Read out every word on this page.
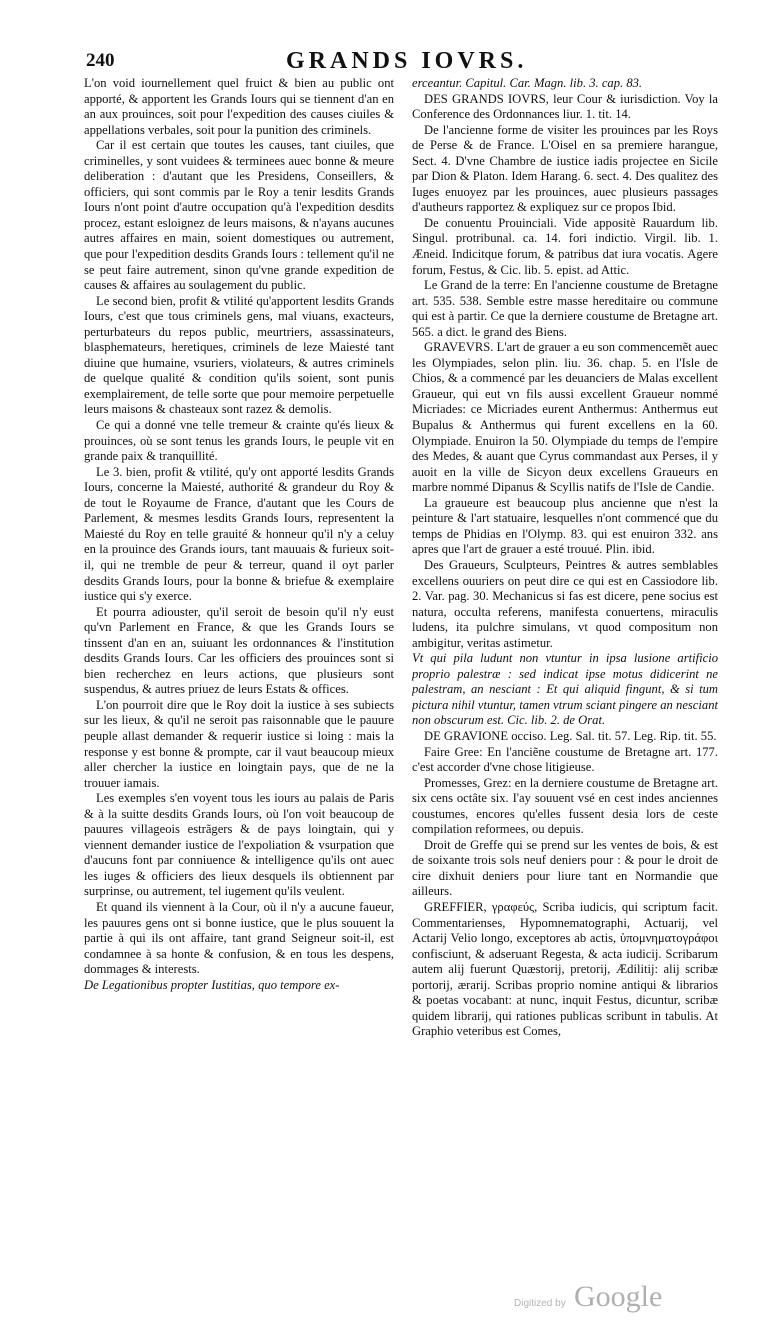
240	GRANDS IOVRS.

L'on void iournellement quel fruict & bien au public ont apporté, & apportent les Grands Iours qui se tiennent d'an en an aux prouinces, soit pour l'expedition des causes ciuiles & appellations verbales, soit pour la punition des criminels.

Car il est certain que toutes les causes, tant ciuiles, que criminelles, y sont vuidees & terminees auec bonne & meure deliberation : d'autant que les Presidens, Conseillers, & officiers, qui sont commis par le Roy a tenir lesdits Grands Iours n'ont point d'autre occupation qu'à l'expedition desdits procez, estant esloignez de leurs maisons, & n'ayans aucunes autres affaires en main, soient domestiques ou autrement, que pour l'expedition desdits Grands Iours : tellement qu'il ne se peut faire autrement, sinon qu'vne grande expedition de causes & affaires au soulagement du public.

Le second bien, profit & vtilité qu'apportent lesdits Grands Iours, c'est que tous criminels gens, mal viuans, exacteurs, perturbateurs du repos public, meurtriers, assassinateurs, blasphemateurs, heretiques, criminels de leze Maiesté tant diuine que humaine, vsuriers, violateurs, & autres criminels de quelque qualité & condition qu'ils soient, sont punis exemplairement, de telle sorte que pour memoire perpetuelle leurs maisons & chasteaux sont razez & demolis.

Ce qui a donné vne telle tremeur & crainte qu'és lieux & prouinces, où se sont tenus les grands Iours, le peuple vit en grande paix & tranquillité.

Le 3. bien, profit & vtilité, qu'y ont apporté lesdits Grands Iours, concerne la Maiesté, authorité & grandeur du Roy & de tout le Royaume de France, d'autant que les Cours de Parlement, & mesmes lesdits Grands Iours, representent la Maiesté du Roy en telle grauité & honneur qu'il n'y a celuy en la prouince des Grands iours, tant mauuais & furieux soit-il, qui ne tremble de peur & terreur, quand il oyt parler desdits Grands Iours, pour la bonne & briefue & exemplaire iustice qui s'y exerce.

Et pourra adiouster, qu'il seroit de besoin qu'il n'y eust qu'vn Parlement en France, & que les Grands Iours se tinssent d'an en an, suiuant les ordonnances & l'institution desdits Grands Iours. Car les officiers des prouinces sont si bien recherchez en leurs actions, que plusieurs sont suspendus, & autres priuez de leurs Estats & offices.

L'on pourroit dire que le Roy doit la iustice à ses subiects sur les lieux, & qu'il ne seroit pas raisonnable que le pauure peuple allast demander & requerir iustice si loing : mais la response y est bonne & prompte, car il vaut beaucoup mieux aller chercher la iustice en loingtain pays, que de ne la trouuer iamais.

Les exemples s'en voyent tous les iours au palais de Paris & à la suitte desdits Grands Iours, où l'on voit beaucoup de pauures villageois estrãgers & de pays loingtain, qui y viennent demander iustice de l'expoliation & vsurpation que d'aucuns font par conniuence & intelligence qu'ils ont auec les iuges & officiers des lieux desquels ils obtiennent par surprinse, ou autrement, tel iugement qu'ils veulent.

Et quand ils viennent à la Cour, où il n'y a aucune faueur, les pauures gens ont si bonne iustice, que le plus souuent la partie à qui ils ont affaire, tant grand Seigneur soit-il, est condamnee à sa honte & confusion, & en tous les despens, dommages & interests.

De Legationibus propter Iustitias, quo tempore ex-

erceantur. Capitul. Car. Magn. lib. 3. cap. 83.

DES GRANDS IOVRS, leur Cour & iurisdiction. Voy la Conference des Ordonnances liur. 1. tit. 14.

De l'ancienne forme de visiter les prouinces par les Roys de Perse & de France. L'Oisel en sa premiere harangue, Sect. 4. D'vne Chambre de iustice iadis projectee en Sicile par Dion & Platon. Idem Harang. 6. sect. 4. Des qualitez des Iuges enuoyez par les prouinces, auec plusieurs passages d'autheurs rapportez & expliquez sur ce propos Ibid.

De conuentu Prouinciali. Vide appositè Rauardum lib. Singul. protribunal. ca. 14. fori indictio. Virgil. lib. 1. Æneid. Indicitque forum, & patribus dat iura vocatis. Agere forum, Festus, & Cic. lib. 5. epist. ad Attic.

Le Grand de la terre: En l'ancienne coustume de Bretagne art. 535. 538. Semble estre masse hereditaire ou commune qui est à partir. Ce que la derniere coustume de Bretagne art. 565. a dict. le grand des Biens.

GRAVEVRS. L'art de grauer a eu son commencemẽt auec les Olympiades, selon plin. liu. 36. chap. 5. en l'Isle de Chios, & a commencé par les deuanciers de Malas excellent Graueur, qui eut vn fils aussi excellent Graueur nommé Micriades: ce Micriades eurent Anthermus: Anthermus eut Bupalus & Anthermus qui furent excellens en la 60. Olympiade. Enuiron la 50. Olympiade du temps de l'empire des Medes, & auant que Cyrus commandast aux Perses, il y auoit en la ville de Sicyon deux excellens Graueurs en marbre nommé Dipanus & Scyllis natifs de l'Isle de Candie.

La graueure est beaucoup plus ancienne que n'est la peinture & l'art statuaire, lesquelles n'ont commencé que du temps de Phidias en l'Olymp. 83. qui est enuiron 332. ans apres que l'art de grauer a esté trouué. Plin. ibid.

Des Graueurs, Sculpteurs, Peintres & autres semblables excellens ouuriers on peut dire ce qui est en Cassiodore lib. 2. Var. pag. 30. Mechanicus si fas est dicere, pene socius est natura, occulta referens, manifesta conuertens, miraculis ludens, ita pulchre simulans, vt quod compositum non ambigitur, veritas astimetur.

Vt qui pila ludunt non vtuntur in ipsa lusione artificio proprio palestræ : sed indicat ipse motus didicerint ne palestram, an nesciant : Et qui aliquid fingunt, & si tum pictura nihil vtuntur, tamen vtrum sciant pingere an nesciant non obscurum est. Cic. lib. 2. de Orat.

DE GRAVIONE occiso. Leg. Sal. tit. 57. Leg. Rip. tit. 55.

Faire Gree: En l'anciẽne coustume de Bretagne art. 177. c'est accorder d'vne chose litigieuse.

Promesses, Grez: en la derniere coustume de Bretagne art. six cens octâte six. I'ay souuent vsé en cest indes anciennes coustumes, encores qu'elles fussent desia lors de ceste compilation reformees, ou depuis.

Droit de Greffe qui se prend sur les ventes de bois, & est de soixante trois sols neuf deniers pour : & pour le droit de cire dixhuit deniers pour liure tant en Normandie que ailleurs.

GREFFIER, γραφεύς, Scriba iudicis, qui scriptum facit. Commentarienses, Hypomnematographi, Actuarij, vel Actarij Velio longo, exceptores ab actis, ὑπομνηματογράφοι confisciunt, & adseruant Regesta, & acta iudicij. Scribarum autem alij fuerunt Quæstorij, pretorij, Ædilitij: alij scribæ portorij, ærarij. Scribas proprio nomine antiqui & librarios & poetas vocabant: at nunc, inquit Festus, dicuntur, scribæ quidem librarij, qui rationes publicas scribunt in tabulis. At Graphio veteribus est Comes,

Digitized by Google
